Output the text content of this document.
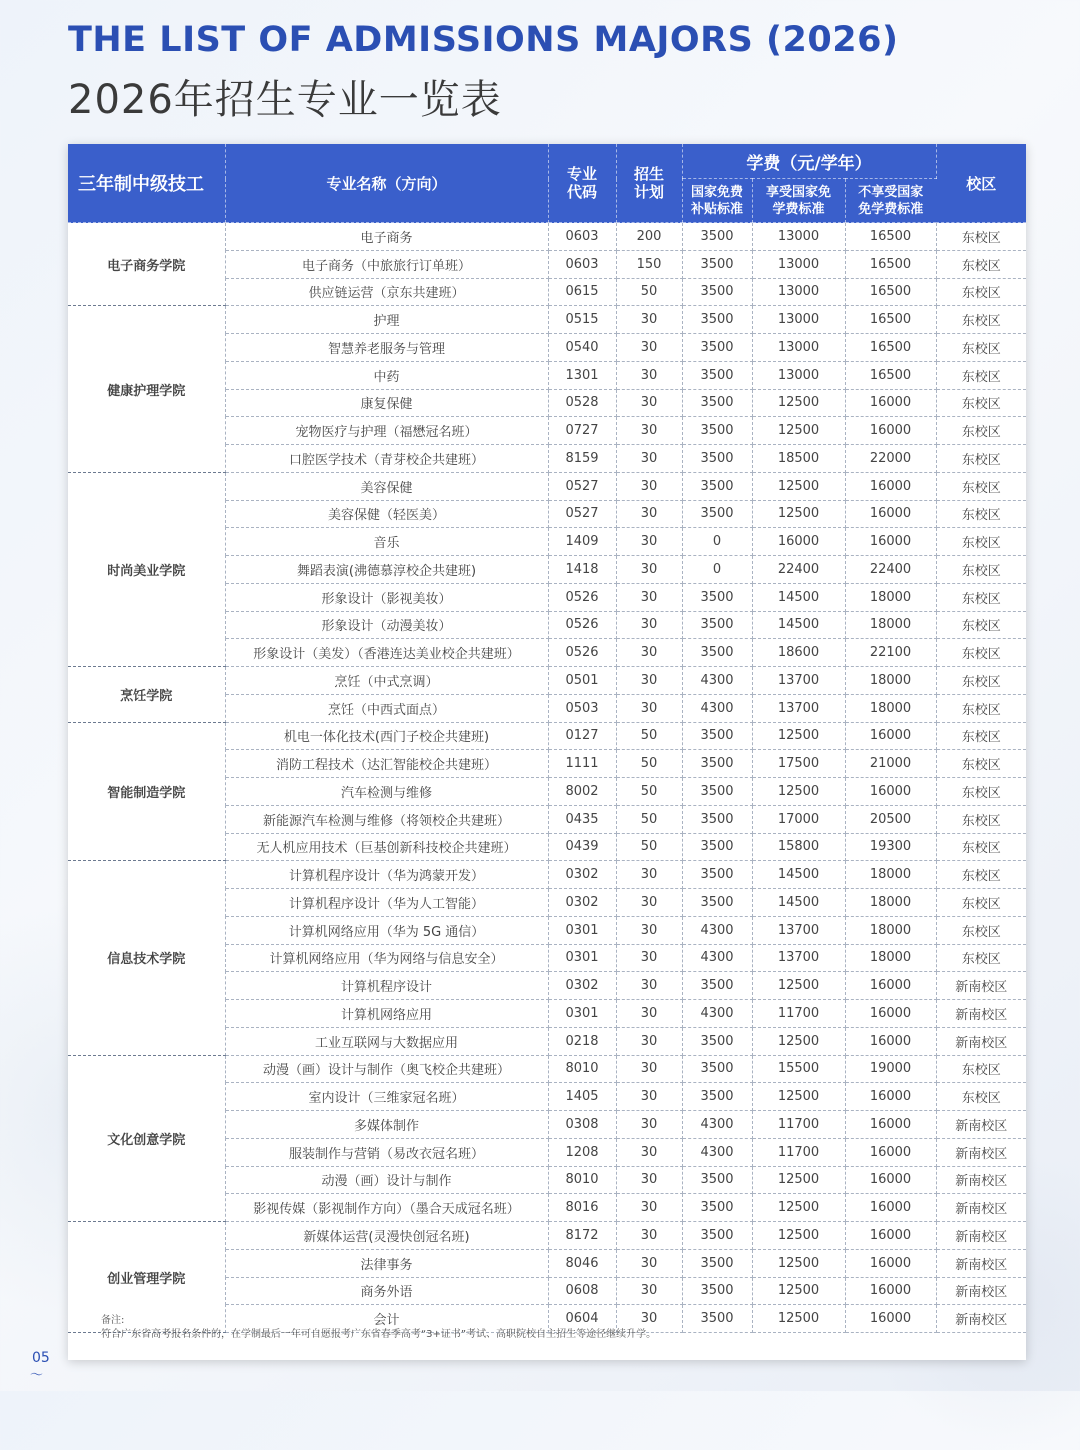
THE LIST OF ADMISSIONS MAJORS (2026)
2026年招生专业一览表
三年制中级技工	专业名称（方向）	专业代码	招生计划	学费（元/学年）			校区

				国家免费补贴标准	享受国家免学费标准	不享受国家免学费标准	

电子商务学院	电子商务	0603	200	3500	13000	16500	东校区
	电子商务（中旅旅行订单班）	0603	150	3500	13000	16500	东校区
	供应链运营（京东共建班）	0615	50	3500	13000	16500	东校区
健康护理学院	护理	0515	30	3500	13000	16500	东校区
	智慧养老服务与管理	0540	30	3500	13000	16500	东校区
	中药	1301	30	3500	13000	16500	东校区
	康复保健	0528	30	3500	12500	16000	东校区
	宠物医疗与护理（福懋冠名班）	0727	30	3500	12500	16000	东校区
	口腔医学技术（青芽校企共建班）	8159	30	3500	18500	22000	东校区
时尚美业学院	美容保健	0527	30	3500	12500	16000	东校区
	美容保健（轻医美）	0527	30	3500	12500	16000	东校区
	音乐	1409	30	0	16000	16000	东校区
	舞蹈表演(沸德慕淳校企共建班)	1418	30	0	22400	22400	东校区
	形象设计（影视美妆）	0526	30	3500	14500	18000	东校区
	形象设计（动漫美妆）	0526	30	3500	14500	18000	东校区
	形象设计（美发）（香港连达美业校企共建班）	0526	30	3500	18600	22100	东校区
烹饪学院	烹饪（中式烹调）	0501	30	4300	13700	18000	东校区
	烹饪（中西式面点）	0503	30	4300	13700	18000	东校区
智能制造学院	机电一体化技术(西门子校企共建班)	0127	50	3500	12500	16000	东校区
	消防工程技术（达汇智能校企共建班）	1111	50	3500	17500	21000	东校区
	汽车检测与维修	8002	50	3500	12500	16000	东校区
	新能源汽车检测与维修（将领校企共建班）	0435	50	3500	17000	20500	东校区
	无人机应用技术（巨基创新科技校企共建班）	0439	50	3500	15800	19300	东校区
信息技术学院	计算机程序设计（华为鸿蒙开发）	0302	30	3500	14500	18000	东校区
	计算机程序设计（华为人工智能）	0302	30	3500	14500	18000	东校区
	计算机网络应用（华为 5G 通信）	0301	30	4300	13700	18000	东校区
	计算机网络应用（华为网络与信息安全）	0301	30	4300	13700	18000	东校区
	计算机程序设计	0302	30	3500	12500	16000	新南校区
	计算机网络应用	0301	30	4300	11700	16000	新南校区
	工业互联网与大数据应用	0218	30	3500	12500	16000	新南校区
文化创意学院	动漫（画）设计与制作（奥飞校企共建班）	8010	30	3500	15500	19000	东校区
	室内设计（三维家冠名班）	1405	30	3500	12500	16000	东校区
	多媒体制作	0308	30	4300	11700	16000	新南校区
	服装制作与营销（易改衣冠名班）	1208	30	4300	11700	16000	新南校区
	动漫（画）设计与制作	8010	30	3500	12500	16000	新南校区
	影视传媒（影视制作方向）（墨合天成冠名班）	8016	30	3500	12500	16000	新南校区
创业管理学院	新媒体运营(灵漫快创冠名班)	8172	30	3500	12500	16000	新南校区
	法律事务	8046	30	3500	12500	16000	新南校区
	商务外语	0608	30	3500	12500	16000	新南校区
	会计	0604	30	3500	12500	16000	新南校区
备注:
符合广东省高考报名条件的，在学制最后一年可自愿报考广东省春季高考“3+证书”考试、高职院校自主招生等途径继续升学。
05
〜
